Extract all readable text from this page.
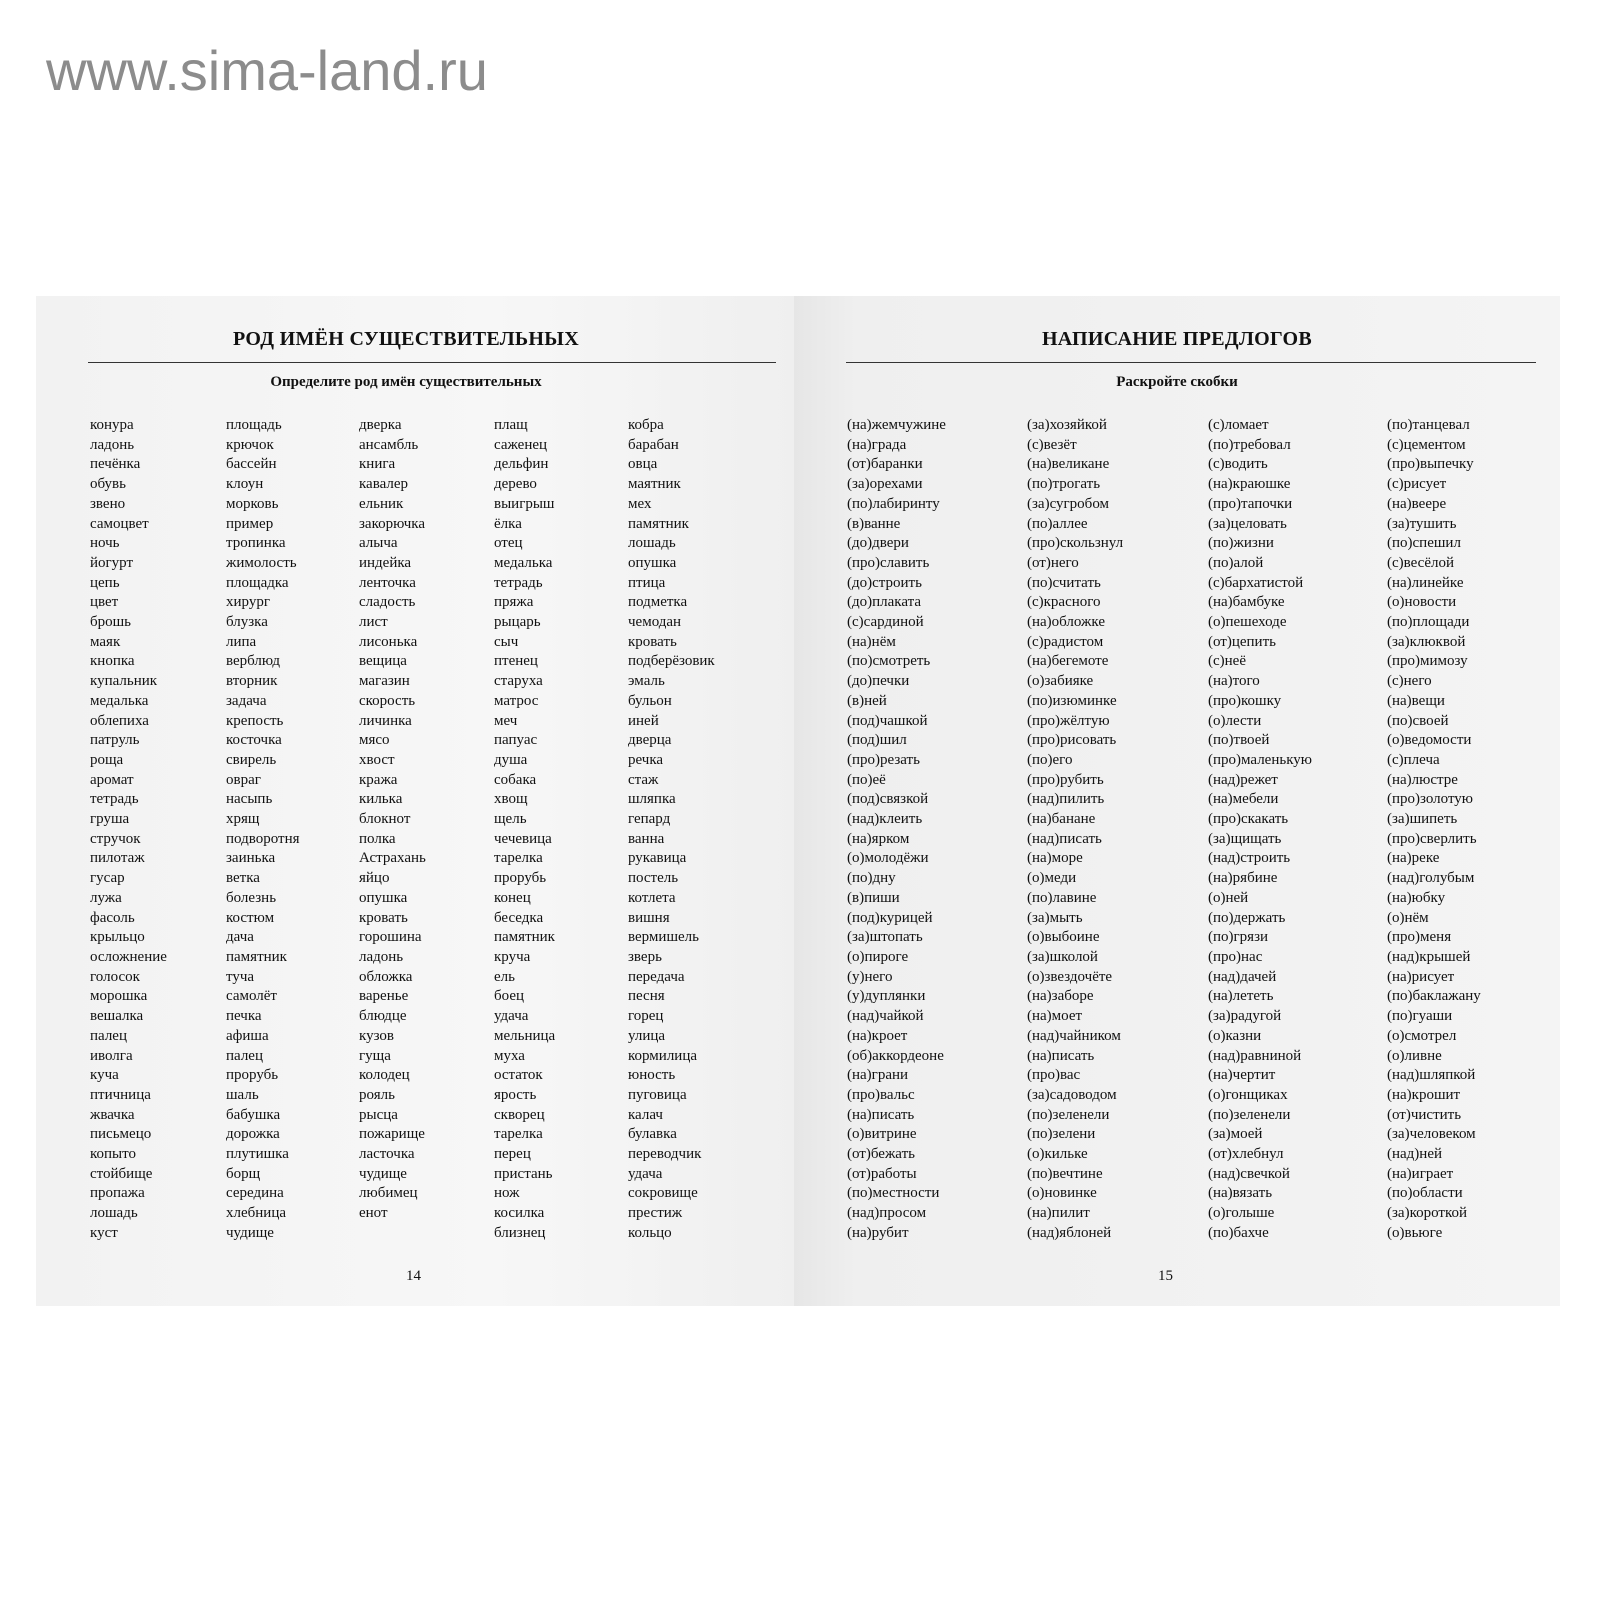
www.sima-land.ru
РОД ИМЁН СУЩЕСТВИТЕЛЬНЫХ
Определите род имён существительных
конура
ладонь
печёнка
обувь
звено
самоцвет
ночь
йогурт
цепь
цвет
брошь
маяк
кнопка
купальник
медалька
облепиха
патруль
роща
аромат
тетрадь
груша
стручок
пилотаж
гусар
лужа
фасоль
крыльцо
осложнение
голосок
морошка
вешалка
палец
иволга
куча
птичница
жвачка
письмецо
копыто
стойбище
пропажа
лошадь
куст
площадь
крючок
бассейн
клоун
морковь
пример
тропинка
жимолость
площадка
хирург
блузка
липа
верблюд
вторник
задача
крепость
косточка
свирель
овраг
насыпь
хрящ
подворотня
заинька
ветка
болезнь
костюм
дача
памятник
туча
самолёт
печка
афиша
палец
прорубь
шаль
бабушка
дорожка
плутишка
борщ
середина
хлебница
чудище
дверка
ансамбль
книга
кавалер
ельник
закорючка
алыча
индейка
ленточка
сладость
лист
лисонька
вещица
магазин
скорость
личинка
мясо
хвост
кража
килька
блокнот
полка
Астрахань
яйцо
опушка
кровать
горошина
ладонь
обложка
варенье
блюдце
кузов
гуща
колодец
рояль
рысца
пожарище
ласточка
чудище
любимец
енот
плащ
саженец
дельфин
дерево
выигрыш
ёлка
отец
медалька
тетрадь
пряжа
рыцарь
сыч
птенец
старуха
матрос
меч
папуас
душа
собака
хвощ
щель
чечевица
тарелка
прорубь
конец
беседка
памятник
круча
ель
боец
удача
мельница
муха
остаток
ярость
скворец
тарелка
перец
пристань
нож
косилка
близнец
кобра
барабан
овца
маятник
мех
памятник
лошадь
опушка
птица
подметка
чемодан
кровать
подберёзовик
эмаль
бульон
иней
дверца
речка
стаж
шляпка
гепард
ванна
рукавица
постель
котлета
вишня
вермишель
зверь
передача
песня
горец
улица
кормилица
юность
пуговица
калач
булавка
переводчик
удача
сокровище
престиж
кольцо
14
НАПИСАНИЕ ПРЕДЛОГОВ
Раскройте скобки
(на)жемчужине
(на)града
(от)баранки
(за)орехами
(по)лабиринту
(в)ванне
(до)двери
(про)славить
(до)строить
(до)плаката
(с)сардиной
(на)нём
(по)смотреть
(до)печки
(в)ней
(под)чашкой
(под)шил
(про)резать
(по)её
(под)связкой
(над)клеить
(на)ярком
(о)молодёжи
(по)дну
(в)пиши
(под)курицей
(за)штопать
(о)пироге
(у)него
(у)дуплянки
(над)чайкой
(на)кроет
(об)аккордеоне
(на)грани
(про)вальс
(на)писать
(о)витрине
(от)бежать
(от)работы
(по)местности
(над)просом
(на)рубит
(за)хозяйкой
(с)везёт
(на)великане
(по)трогать
(за)сугробом
(по)аллее
(про)скользнул
(от)него
(по)считать
(с)красного
(на)обложке
(с)радистом
(на)бегемоте
(о)забияке
(по)изюминке
(про)жёлтую
(про)рисовать
(по)его
(про)рубить
(над)пилить
(на)банане
(над)писать
(на)море
(о)меди
(по)лавине
(за)мыть
(о)выбоине
(за)школой
(о)звездочёте
(на)заборе
(на)моет
(над)чайником
(на)писать
(про)вас
(за)садоводом
(по)зеленели
(по)зелени
(о)кильке
(по)вечтине
(о)новинке
(на)пилит
(над)яблоней
(с)ломает
(по)требовал
(с)водить
(на)краюшке
(про)тапочки
(за)целовать
(по)жизни
(по)алой
(с)бархатистой
(на)бамбуке
(о)пешеходе
(от)цепить
(с)неё
(на)того
(про)кошку
(о)лести
(по)твоей
(про)маленькую
(над)режет
(на)мебели
(про)скакать
(за)щищать
(над)строить
(на)рябине
(о)ней
(по)держать
(по)грязи
(про)нас
(над)дачей
(на)лететь
(за)радугой
(о)казни
(над)равниной
(на)чертит
(о)гонщиках
(по)зеленели
(за)моей
(от)хлебнул
(над)свечкой
(на)вязать
(о)голыше
(по)бахче
(по)танцевал
(с)цементом
(про)выпечку
(с)рисует
(на)веере
(за)тушить
(по)спешил
(с)весёлой
(на)линейке
(о)новости
(по)площади
(за)клюквой
(про)мимозу
(с)него
(на)вещи
(по)своей
(о)ведомости
(с)плеча
(на)люстре
(про)золотую
(за)шипеть
(про)сверлить
(на)реке
(над)голубым
(на)юбку
(о)нём
(про)меня
(над)крышей
(на)рисует
(по)баклажану
(по)гуаши
(о)смотрел
(о)ливне
(над)шляпкой
(на)крошит
(от)чистить
(за)человеком
(над)ней
(на)играет
(по)области
(за)короткой
(о)вьюге
15
